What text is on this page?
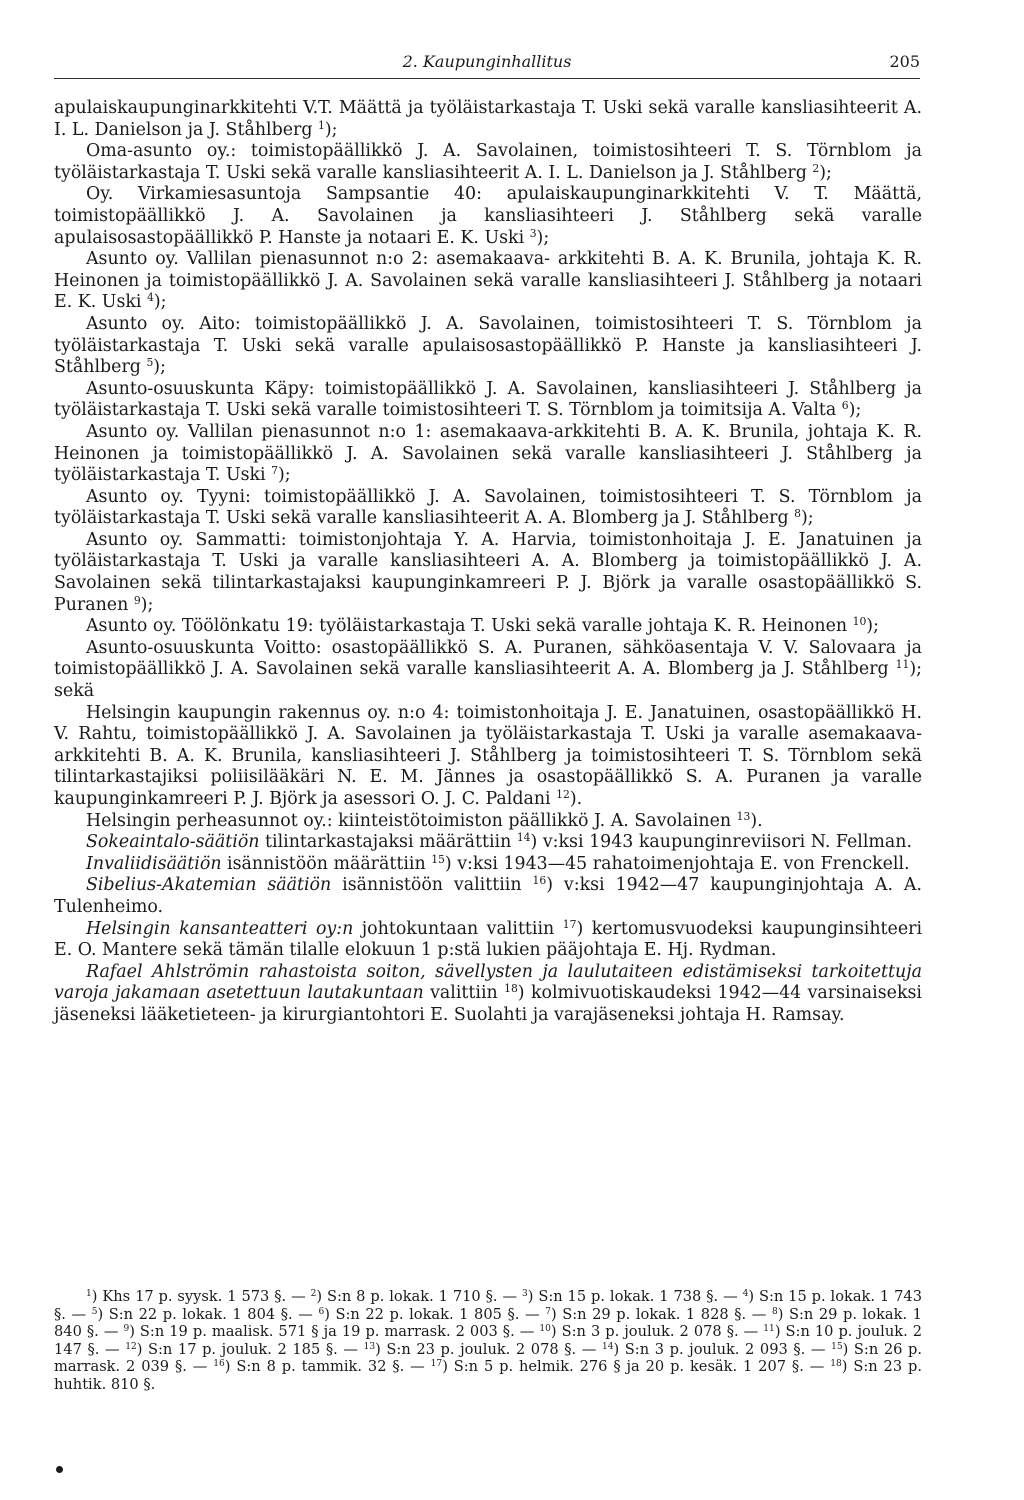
2. Kaupunginhallitus	205

apulaiskaupunginarkkitehti V.T. Määttä ja työläistarkastaja T. Uski sekä varalle kansliasihteerit A. I. L. Danielson ja J. Ståhlberg $^1$);

Oma-asunto oy.: toimistopäällikkö J. A. Savolainen, toimistosihteeri T. S. Törnblom ja työläistarkastaja T. Uski sekä varalle kansliasihteerit A. I. L. Danielson ja J. Ståhlberg $^2$);

Oy. Virkamiesasuntoja Sampsantie 40: apulaiskaupunginarkkitehti V. T. Määttä, toimistopäällikkö J. A. Savolainen ja kansliasihteeri J. Ståhlberg sekä varalle apulaisosastopäällikkö P. Hanste ja notaari E. K. Uski $^3$);

Asunto oy. Vallilan pienasunnot n:o 2: asemakaava- arkkitehti B. A. K. Brunila, johtaja K. R. Heinonen ja toimistopäällikkö J. A. Savolainen sekä varalle kansliasihteeri J. Ståhlberg ja notaari E. K. Uski $^4$);

Asunto oy. Aito: toimistopäällikkö J. A. Savolainen, toimistosihteeri T. S. Törnblom ja työläistarkastaja T. Uski sekä varalle apulaisosastopäällikkö P. Hanste ja kansliasihteeri J. Ståhlberg $^5$);

Asunto-osuuskunta Käpy: toimistopäällikkö J. A. Savolainen, kansliasihteeri J. Ståhlberg ja työläistarkastaja T. Uski sekä varalle toimistosihteeri T. S. Törnblom ja toimitsija A. Valta $^6$);

Asunto oy. Vallilan pienasunnot n:o 1: asemakaava-arkkitehti B. A. K. Brunila, johtaja K. R. Heinonen ja toimistopäällikkö J. A. Savolainen sekä varalle kansliasihteeri J. Ståhlberg ja työläistarkastaja T. Uski $^7$);

Asunto oy. Tyyni: toimistopäällikkö J. A. Savolainen, toimistosihteeri T. S. Törnblom ja työläistarkastaja T. Uski sekä varalle kansliasihteerit A. A. Blomberg ja J. Ståhlberg $^8$);

Asunto oy. Sammatti: toimistonjohtaja Y. A. Harvia, toimistonhoitaja J. E. Janatuinen ja työläistarkastaja T. Uski ja varalle kansliasihteeri A. A. Blomberg ja toimistopäällikkö J. A. Savolainen sekä tilintarkastajaksi kaupunginkamreeri P. J. Björk ja varalle osastopäällikkö S. Puranen $^9$);

Asunto oy. Töölönkatu 19: työläistarkastaja T. Uski sekä varalle johtaja K. R. Heinonen $^{10}$);

Asunto-osuuskunta Voitto: osastopäällikkö S. A. Puranen, sähköasentaja V. V. Salovaara ja toimistopäällikkö J. A. Savolainen sekä varalle kansliasihteerit A. A. Blomberg ja J. Ståhlberg $^{11}$); sekä

Helsingin kaupungin rakennus oy. n:o 4: toimistonhoitaja J. E. Janatuinen, osastopäällikkö H. V. Rahtu, toimistopäällikkö J. A. Savolainen ja työläistarkastaja T. Uski ja varalle asemakaava-arkkitehti B. A. K. Brunila, kansliasihteeri J. Ståhlberg ja toimistosihteeri T. S. Törnblom sekä tilintarkastajiksi poliisilääkäri N. E. M. Jännes ja osastopäällikkö S. A. Puranen ja varalle kaupunginkamreeri P. J. Björk ja asessori O. J. C. Paldani $^{12}$).

Helsingin perheasunnot oy.: kiinteistötoimiston päällikkö J. A. Savolainen $^{13}$).

Sokeaintalo-säätiön tilintarkastajaksi määrättiin $^{14}$) v:ksi 1943 kaupunginreviisori N. Fellman.

Invaliidisäätiön isännistöön määrättiin $^{15}$) v:ksi 1943—45 rahatoimenjohtaja E. von Frenckell.

Sibelius-Akatemian säätiön isännistöön valittiin $^{16}$) v:ksi 1942—47 kaupunginjohtaja A. A. Tulenheimo.

Helsingin kansanteatteri oy:n johtokuntaan valittiin $^{17}$) kertomusvuodeksi kaupunginsihteeri E. O. Mantere sekä tämän tilalle elokuun 1 p:stä lukien pääjohtaja E. Hj. Rydman.

Rafael Ahlströmin rahastoista soiton, sävellysten ja laulutaiteen edistämiseksi tarkoitettuja varoja jakamaan asetettuun lautakuntaan valittiin $^{18}$) kolmivuotiskaudeksi 1942—44 varsinaiseksi jäseneksi lääketieteen- ja kirurgiantohtori E. Suolahti ja varajäseneksi johtaja H. Ramsay.

$^1$) Khs 17 p. syysk. 1 573 §. — $^2$) S:n 8 p. lokak. 1 710 §. — $^3$) S:n 15 p. lokak. 1 738 §. — $^4$) S:n 15 p. lokak. 1 743 §. — $^5$) S:n 22 p. lokak. 1 804 §. — $^6$) S:n 22 p. lokak. 1 805 §. — $^7$) S:n 29 p. lokak. 1 828 §. — $^8$) S:n 29 p. lokak. 1 840 §. — $^9$) S:n 19 p. maalisk. 571 § ja 19 p. marrask. 2 003 §. — $^{10}$) S:n 3 p. jouluk. 2 078 §. — $^{11}$) S:n 10 p. jouluk. 2 147 §. — $^{12}$) S:n 17 p. jouluk. 2 185 §. — $^{13}$) S:n 23 p. jouluk. 2 078 §. — $^{14}$) S:n 3 p. jouluk. 2 093 §. — $^{15}$) S:n 26 p. marrask. 2 039 §. — $^{16}$) S:n 8 p. tammik. 32 §. — $^{17}$) S:n 5 p. helmik. 276 § ja 20 p. kesäk. 1 207 §. — $^{18}$) S:n 23 p. huhtik. 810 §.
